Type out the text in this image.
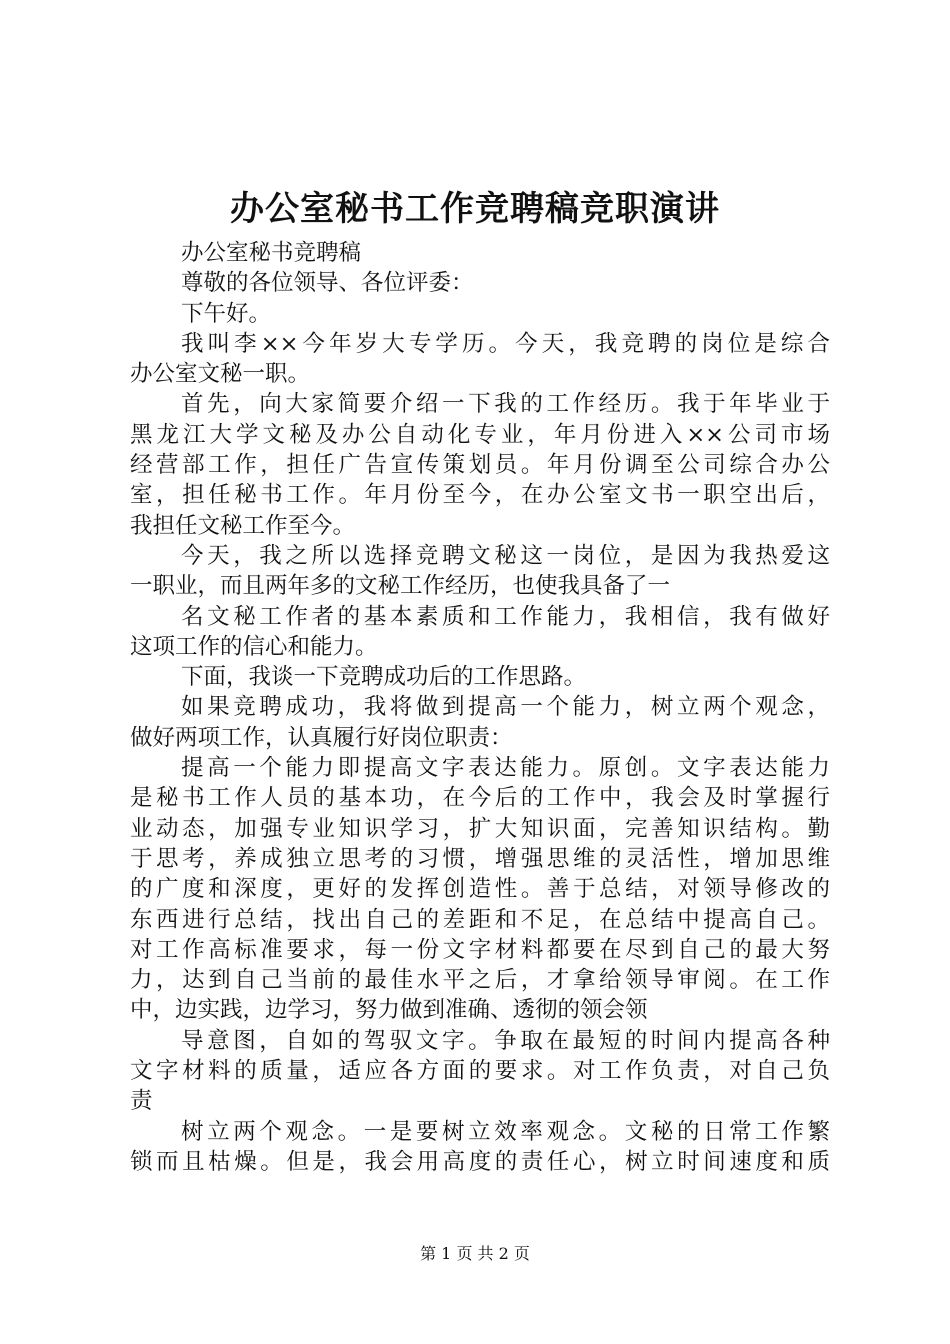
办公室秘书工作竞聘稿竞职演讲
办公室秘书竞聘稿
尊敬的各位领导、各位评委：
下午好。
我叫李××今年岁大专学历。今天，我竞聘的岗位是综合
办公室文秘一职。
首先，向大家简要介绍一下我的工作经历。我于年毕业于
黑龙江大学文秘及办公自动化专业，年月份进入××公司市场
经营部工作，担任广告宣传策划员。年月份调至公司综合办公
室，担任秘书工作。年月份至今，在办公室文书一职空出后，
我担任文秘工作至今。
今天，我之所以选择竞聘文秘这一岗位，是因为我热爱这
一职业，而且两年多的文秘工作经历，也使我具备了一
名文秘工作者的基本素质和工作能力，我相信，我有做好
这项工作的信心和能力。
下面，我谈一下竞聘成功后的工作思路。
如果竞聘成功，我将做到提高一个能力，树立两个观念，
做好两项工作，认真履行好岗位职责：
提高一个能力即提高文字表达能力。原创。文字表达能力
是秘书工作人员的基本功，在今后的工作中，我会及时掌握行
业动态，加强专业知识学习，扩大知识面，完善知识结构。勤
于思考，养成独立思考的习惯，增强思维的灵活性，增加思维
的广度和深度，更好的发挥创造性。善于总结，对领导修改的
东西进行总结，找出自己的差距和不足，在总结中提高自己。
对工作高标准要求，每一份文字材料都要在尽到自己的最大努
力，达到自己当前的最佳水平之后，才拿给领导审阅。在工作
中，边实践，边学习，努力做到准确、透彻的领会领
导意图，自如的驾驭文字。争取在最短的时间内提高各种
文字材料的质量，适应各方面的要求。对工作负责，对自己负
责
树立两个观念。一是要树立效率观念。文秘的日常工作繁
锁而且枯燥。但是，我会用高度的责任心，树立时间速度和质
第 1 页 共 2 页
